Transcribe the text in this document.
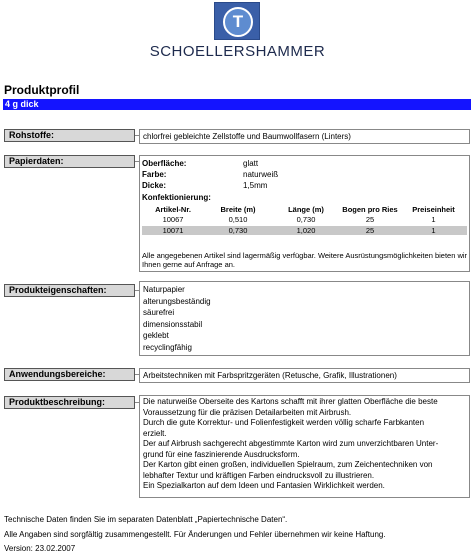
T
SCHOELLERSHAMMER
Produktprofil
4 g dick
Rohstoffe:	chlorfrei gebleichte Zellstoffe und Baumwollfasern (Linters)
Papierdaten:	Oberfläche:	glatt
Farbe:	naturweiß
Dicke:	1,5mm
Konfektionierung:
Artikel-Nr.	Breite (m)	Länge (m)	Bogen pro Ries	Preiseinheit
10067	0,510	0,730	25	1
10071	0,730	1,020	25	1
Alle angegebenen Artikel sind lagermäßig verfügbar. Weitere Ausrüstungsmöglichkeiten bieten wir Ihnen gerne auf Anfrage an.
Produkteigenschaften:	Naturpapier
alterungsbeständig
säurefrei
dimensionsstabil
geklebt
recyclingfähig
Anwendungsbereiche:	Arbeitstechniken mit Farbspritzgeräten (Retusche, Grafik, Illustrationen)
Produktbeschreibung:	Die naturweiße Oberseite des Kartons schafft mit ihrer glatten Oberfläche die beste
Voraussetzung für die präzisen Detailarbeiten mit Airbrush.
Durch die gute Korrektur- und Folienfestigkeit werden völlig scharfe Farbkanten
erzielt.
Der auf Airbrush sachgerecht abgestimmte Karton wird zum unverzichtbaren Unter-
grund für eine faszinierende Ausdrucksform.
Der Karton gibt einen großen, individuellen Spielraum, zum Zeichentechniken von
lebhafter Textur und kräftigen Farben eindrucksvoll zu illustrieren.
Ein Spezialkarton auf dem Ideen und Fantasien Wirklichkeit werden.
Technische Daten finden Sie im separaten Datenblatt „Papiertechnische Daten“.
Alle Angaben sind sorgfältig zusammengestellt. Für Änderungen und Fehler übernehmen wir keine Haftung.
Version: 23.02.2007
